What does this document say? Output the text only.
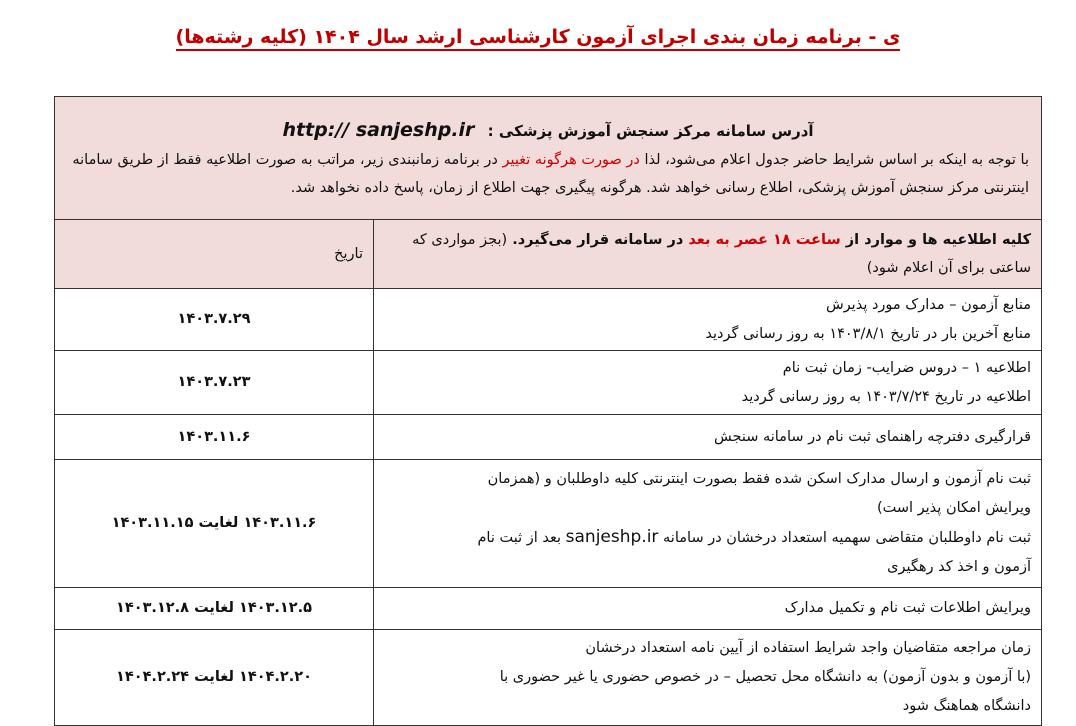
ی - برنامه زمان بندی اجرای آزمون کارشناسی ارشد سال ۱۴۰۴ (کلیه رشته‌ها)
آدرس سامانه مرکز سنجش آموزش پزشکی : http:// sanjeshp.ir
با توجه به اینکه بر اساس شرایط حاضر جدول اعلام می‌شود، لذا در صورت هرگونه تغییر در برنامه زمانبندی زیر، مراتب به صورت اطلاعیه فقط از طریق سامانه اینترنتی مرکز سنجش آموزش پزشکی، اطلاع رسانی خواهد شد. هرگونه پیگیری جهت اطلاع از زمان، پاسخ داده نخواهد شد.	

کلیه اطلاعیه ها و موارد از ساعت ۱۸ عصر به بعد در سامانه قرار می‌گیرد. (بجز مواردی که ساعتی برای آن اعلام شود)	تاریخ

منابع آزمون – مدارک مورد پذیرش
منابع آخرین بار در تاریخ ۱۴۰۳/۸/۱ به روز رسانی گردید	۱۴۰۳.۷.۲۹

اطلاعیه ۱ – دروس ضرایب- زمان ثبت نام
اطلاعیه در تاریخ ۱۴۰۳/۷/۲۴ به روز رسانی گردید	۱۴۰۳.۷.۲۳

قرارگیری دفترچه راهنمای ثبت نام در سامانه سنجش	۱۴۰۳.۱۱.۶

ثبت نام آزمون و ارسال مدارک اسکن شده فقط بصورت اینترنتی کلیه داوطلبان و (همزمان
ویرایش امکان پذیر است)
ثبت نام داوطلبان متقاضی سهمیه استعداد درخشان در سامانه sanjeshp.ir بعد از ثبت نام
آزمون و اخذ کد رهگیری	۱۴۰۳.۱۱.۶ لغایت ۱۴۰۳.۱۱.۱۵

ویرایش اطلاعات ثبت نام و تکمیل مدارک	۱۴۰۳.۱۲.۵ لغایت ۱۴۰۳.۱۲.۸

زمان مراجعه متقاضیان واجد شرایط استفاده از آیین نامه استعداد درخشان
(با آزمون و بدون آزمون) به دانشگاه محل تحصیل – در خصوص حضوری یا غیر حضوری با
دانشگاه هماهنگ شود	۱۴۰۴.۲.۲۰ لغایت ۱۴۰۴.۲.۲۴
